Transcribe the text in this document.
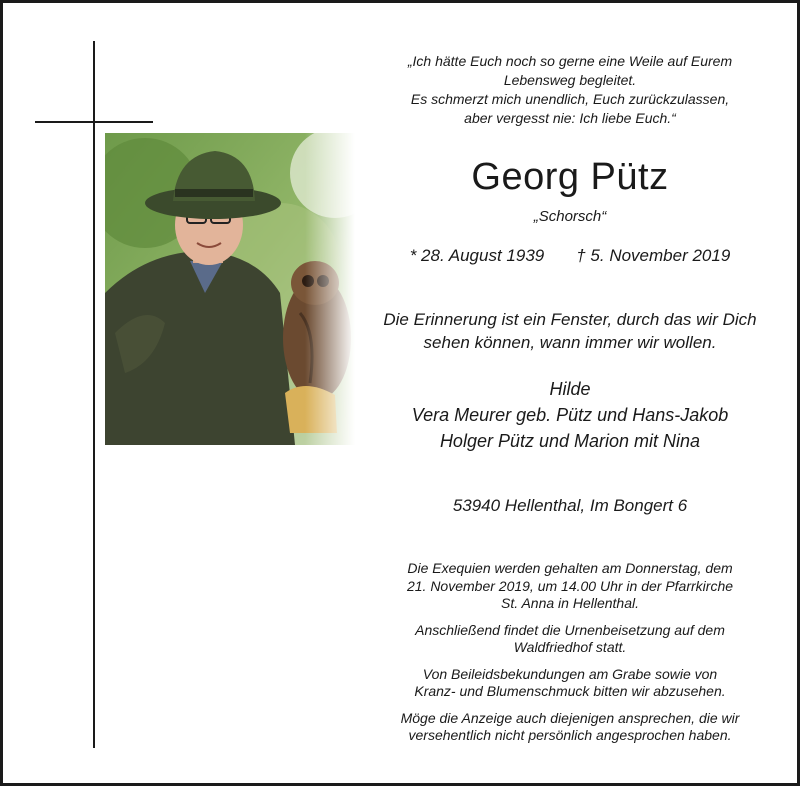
„Ich hätte Euch noch so gerne eine Weile auf Eurem
Lebensweg begleitet.
Es schmerzt mich unendlich, Euch zurückzulassen,
aber vergesst nie: Ich liebe Euch.“
Georg Pütz
„Schorsch“
* 28. August 1939 † 5. November 2019
Die Erinnerung ist ein Fenster, durch das wir Dich
sehen können, wann immer wir wollen.
Hilde
Vera Meurer geb. Pütz und Hans-Jakob
Holger Pütz und Marion mit Nina
53940 Hellenthal, Im Bongert 6

Die Exequien werden gehalten am Donnerstag, dem
21. November 2019, um 14.00 Uhr in der Pfarrkirche
St. Anna in Hellenthal.

Anschließend findet die Urnenbeisetzung auf dem
Waldfriedhof statt.

Von Beileidsbekundungen am Grabe sowie von
Kranz- und Blumenschmuck bitten wir abzusehen.

Möge die Anzeige auch diejenigen ansprechen, die wir
versehentlich nicht persönlich angesprochen haben.
